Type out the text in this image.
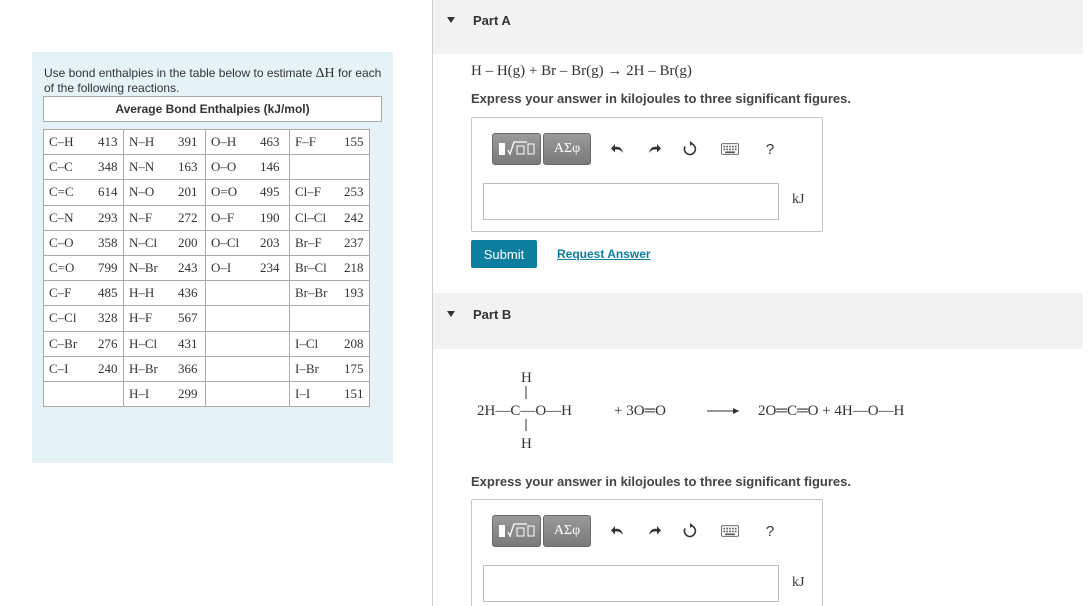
Use bond enthalpies in the table below to estimate ΔH for each of the following reactions.
Average Bond Enthalpies (kJ/mol)
C–H 413	N–H 391	O–H 463	F–F 155
C–C 348	N–N 163	O–O 146	
C=C 614	N–O 201	O=O 495	Cl–F 253
C–N 293	N–F 272	O–F 190	Cl–Cl 242
C–O 358	N–Cl 200	O–Cl 203	Br–F 237
C=O 799	N–Br 243	O–I 234	Br–Cl 218
C–F 485	H–H 436		Br–Br 193
C–Cl 328	H–F 567		
C–Br 276	H–Cl 431		I–Cl 208
C–I 240	H–Br 366		I–Br 175
	H–I 299		I–I 151
Part A
H – H(g) + Br – Br(g) → 2H – Br(g)
Express your answer in kilojoules to three significant figures.
ΑΣφ	?
kJ
Submit	Request Answer
Part B
H
2H—C—O—H
H
+ 3O═O	2O═C═O + 4H—O—H
Express your answer in kilojoules to three significant figures.
ΑΣφ	?
kJ
